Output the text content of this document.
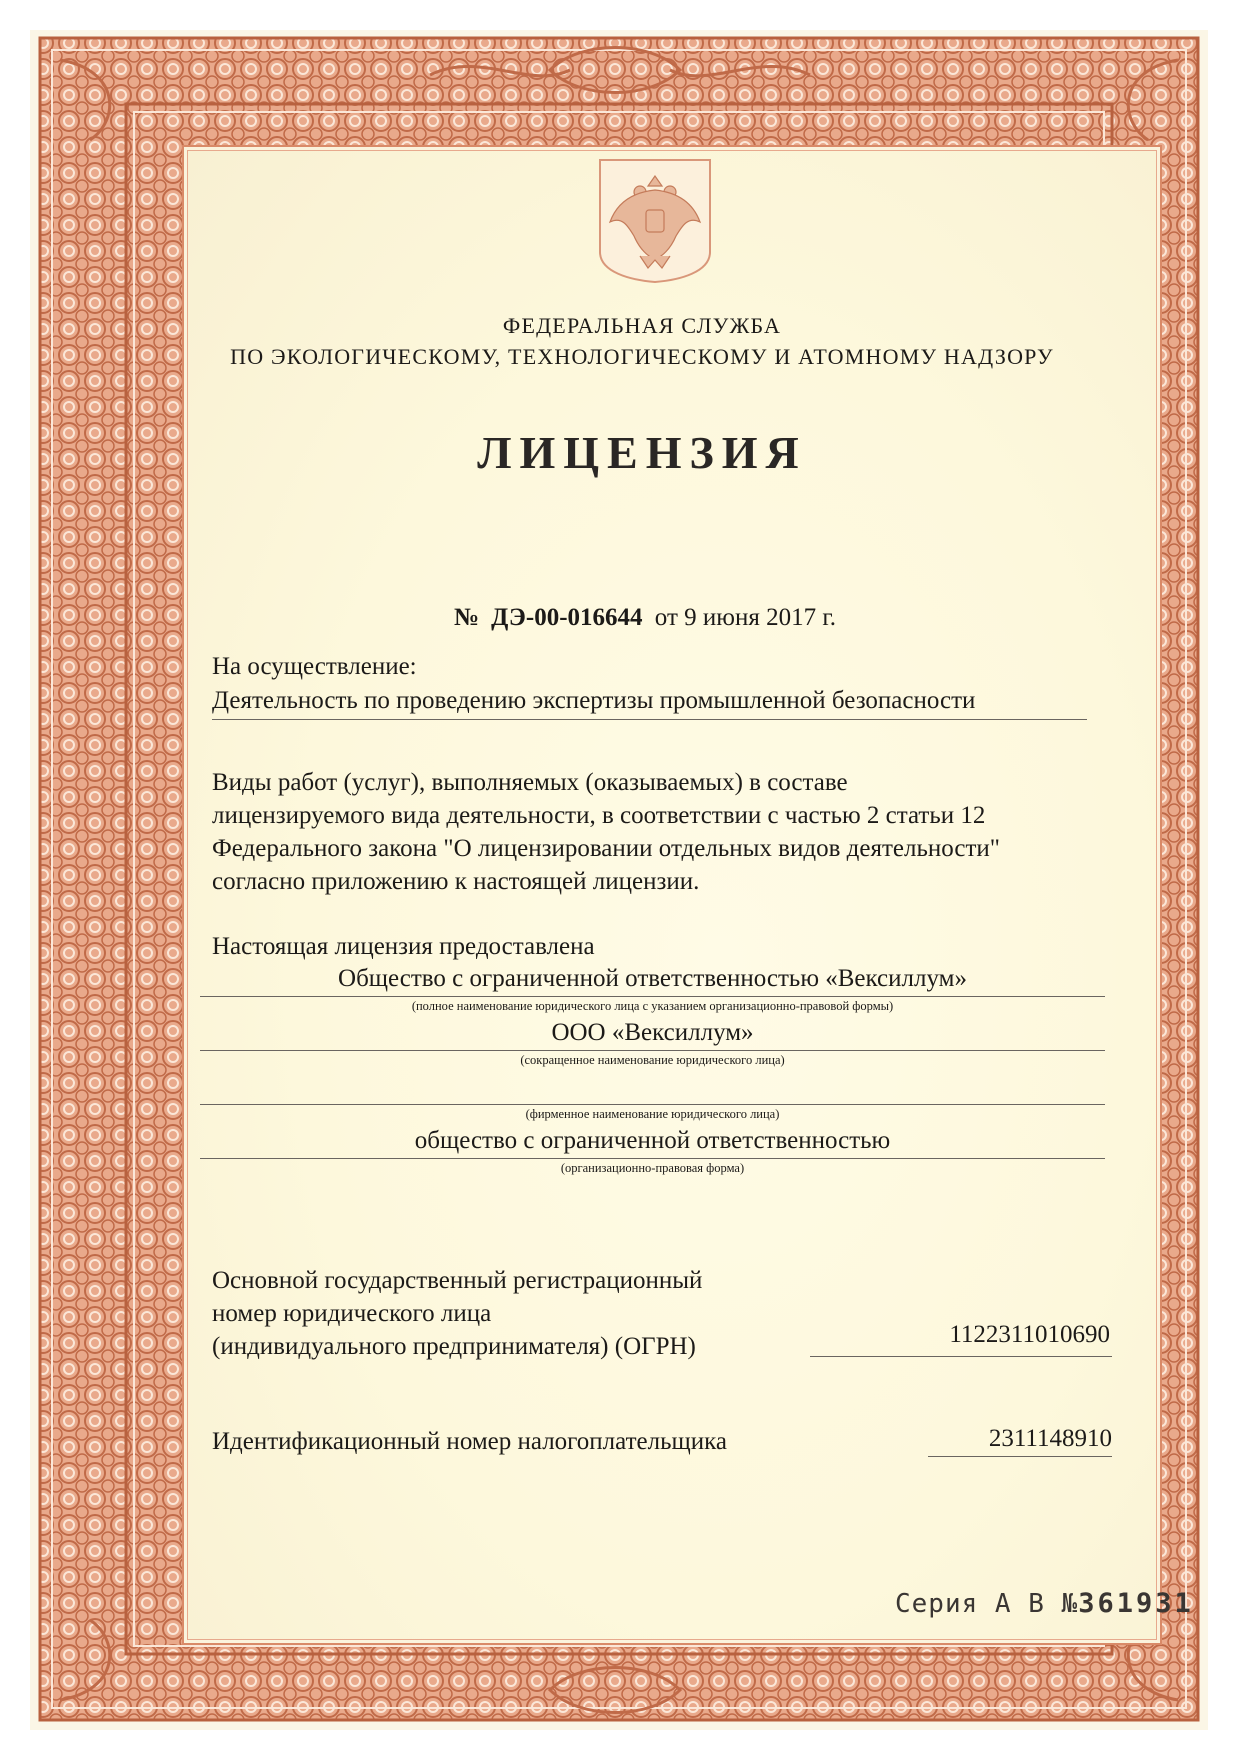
ФЕДЕРАЛЬНАЯ СЛУЖБА

ПО ЭКОЛОГИЧЕСКОМУ, ТЕХНОЛОГИЧЕСКОМУ И АТОМНОМУ НАДЗОРУ

ЛИЦЕНЗИЯ

№ ДЭ-00-016644 от 9 июня 2017 г.

На осуществление:

Деятельность по проведению экспертизы промышленной безопасности

Виды работ (услуг), выполняемых (оказываемых) в составе

лицензируемого вида деятельности, в соответствии с частью 2 статьи 12

Федерального закона "О лицензировании отдельных видов деятельности"

согласно приложению к настоящей лицензии.

Настоящая лицензия предоставлена

Общество с ограниченной ответственностью «Вексиллум»

(полное наименование юридического лица с указанием организационно-правовой формы)

ООО «Вексиллум»

(сокращенное наименование юридического лица)

(фирменное наименование юридического лица)

общество с ограниченной ответственностью

(организационно-правовая форма)

Основной государственный регистрационный

номер юридического лица

(индивидуального предпринимателя) (ОГРН)	1122311010690

Идентификационный номер налогоплательщика	2311148910

Серия А В №361931
